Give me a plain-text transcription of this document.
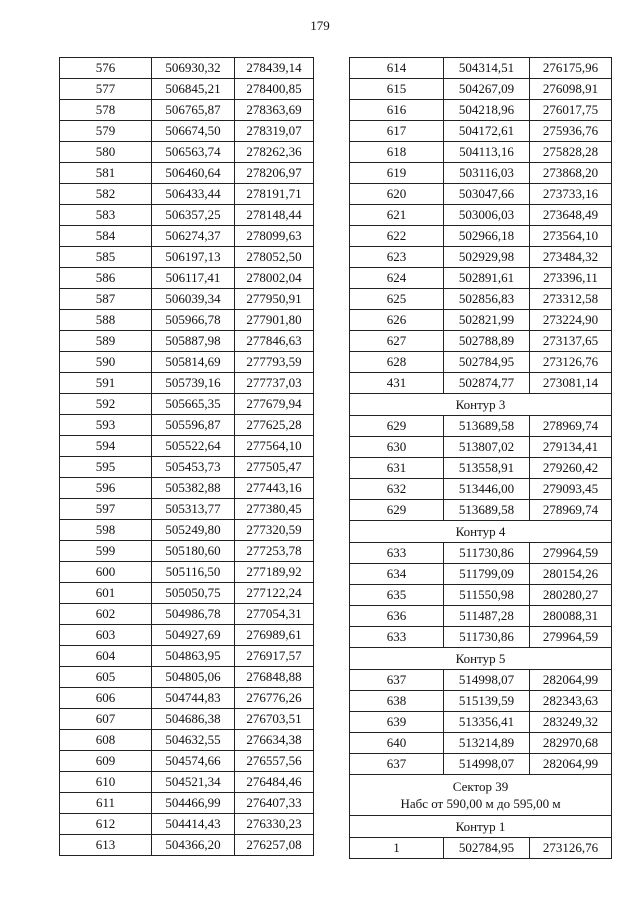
179
576	506930,32	278439,14
577	506845,21	278400,85
578	506765,87	278363,69
579	506674,50	278319,07
580	506563,74	278262,36
581	506460,64	278206,97
582	506433,44	278191,71
583	506357,25	278148,44
584	506274,37	278099,63
585	506197,13	278052,50
586	506117,41	278002,04
587	506039,34	277950,91
588	505966,78	277901,80
589	505887,98	277846,63
590	505814,69	277793,59
591	505739,16	277737,03
592	505665,35	277679,94
593	505596,87	277625,28
594	505522,64	277564,10
595	505453,73	277505,47
596	505382,88	277443,16
597	505313,77	277380,45
598	505249,80	277320,59
599	505180,60	277253,78
600	505116,50	277189,92
601	505050,75	277122,24
602	504986,78	277054,31
603	504927,69	276989,61
604	504863,95	276917,57
605	504805,06	276848,88
606	504744,83	276776,26
607	504686,38	276703,51
608	504632,55	276634,38
609	504574,66	276557,56
610	504521,34	276484,46
611	504466,99	276407,33
612	504414,43	276330,23
613	504366,20	276257,08
614	504314,51	276175,96
615	504267,09	276098,91
616	504218,96	276017,75
617	504172,61	275936,76
618	504113,16	275828,28
619	503116,03	273868,20
620	503047,66	273733,16
621	503006,03	273648,49
622	502966,18	273564,10
623	502929,98	273484,32
624	502891,61	273396,11
625	502856,83	273312,58
626	502821,99	273224,90
627	502788,89	273137,65
628	502784,95	273126,76
431	502874,77	273081,14
Контур 3		
629	513689,58	278969,74
630	513807,02	279134,41
631	513558,91	279260,42
632	513446,00	279093,45
629	513689,58	278969,74
Контур 4		
633	511730,86	279964,59
634	511799,09	280154,26
635	511550,98	280280,27
636	511487,28	280088,31
633	511730,86	279964,59
Контур 5		
637	514998,07	282064,99
638	515139,59	282343,63
639	513356,41	283249,32
640	513214,89	282970,68
637	514998,07	282064,99

Сектор 39
Набс от 590,00 м до 595,00 м		

Контур 1		
1	502784,95	273126,76
